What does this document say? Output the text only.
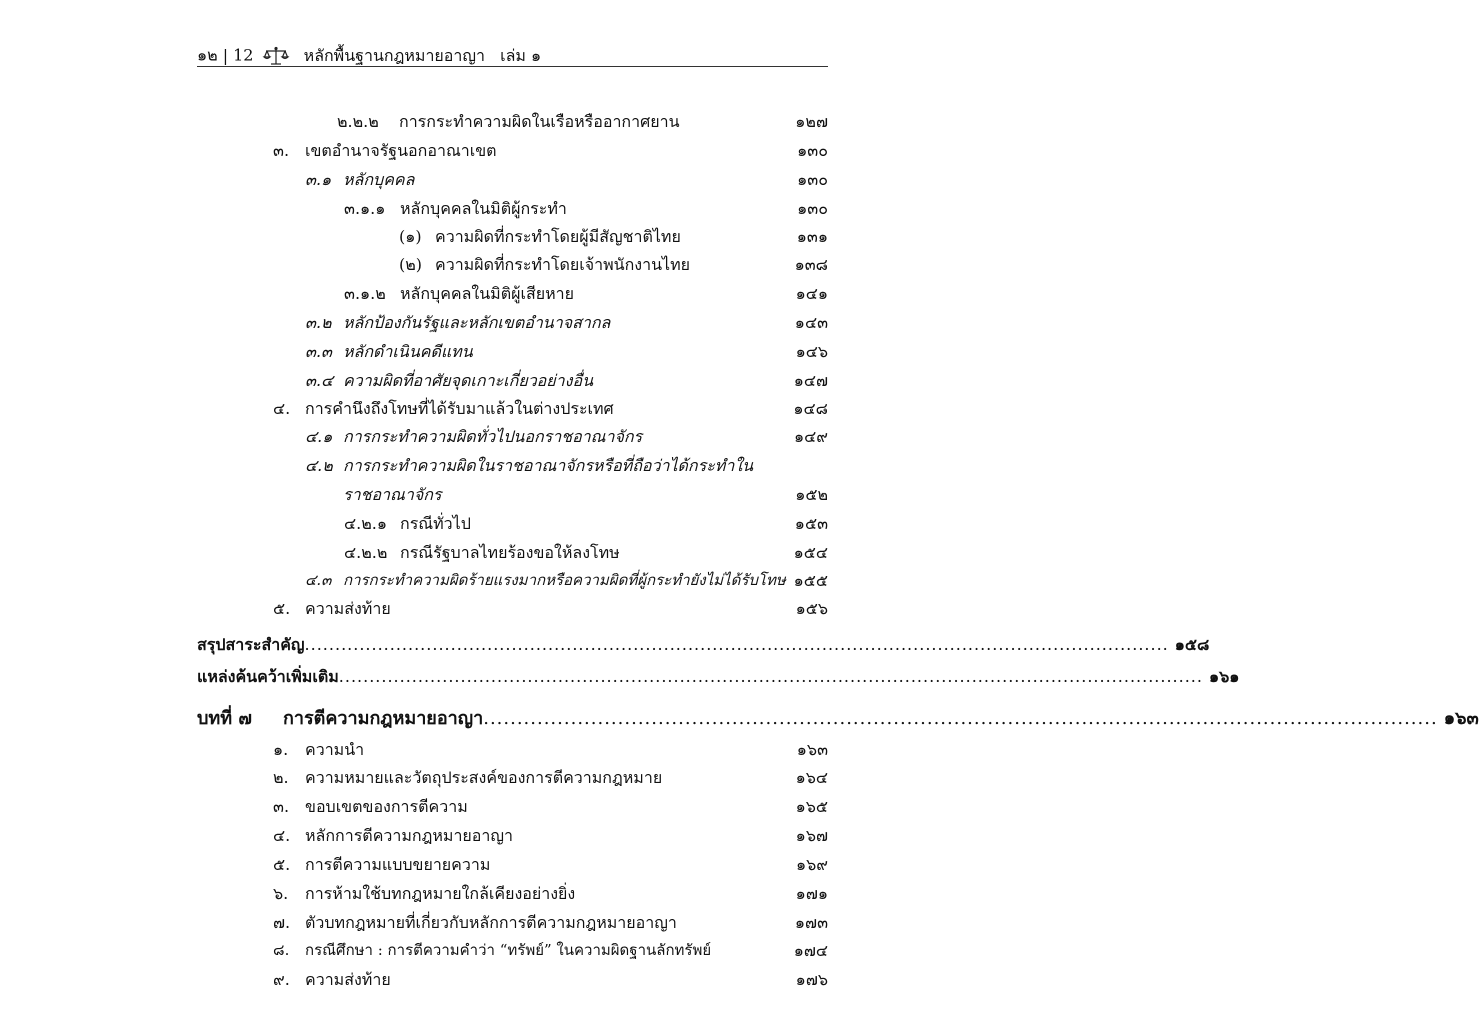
๑๒ | 12	หลักพื้นฐานกฎหมายอาญา เล่ม ๑
๒.๒.๒ การกระทำความผิดในเรือหรืออากาศยาน	๑๒๗
๓. เขตอำนาจรัฐนอกอาณาเขต	๑๓๐
๓.๑ หลักบุคคล	๑๓๐
๓.๑.๑ หลักบุคคลในมิติผู้กระทำ	๑๓๐
(๑) ความผิดที่กระทำโดยผู้มีสัญชาติไทย	๑๓๑
(๒) ความผิดที่กระทำโดยเจ้าพนักงานไทย	๑๓๘
๓.๑.๒ หลักบุคคลในมิติผู้เสียหาย	๑๔๑
๓.๒ หลักป้องกันรัฐและหลักเขตอำนาจสากล	๑๔๓
๓.๓ หลักดำเนินคดีแทน	๑๔๖
๓.๔ ความผิดที่อาศัยจุดเกาะเกี่ยวอย่างอื่น	๑๔๗
๔. การคำนึงถึงโทษที่ได้รับมาแล้วในต่างประเทศ	๑๔๘
๔.๑ การกระทำความผิดทั่วไปนอกราชอาณาจักร	๑๔๙
๔.๒ การกระทำความผิดในราชอาณาจักรหรือที่ถือว่าได้กระทำใน
ราชอาณาจักร	๑๕๒
๔.๒.๑ กรณีทั่วไป	๑๕๓
๔.๒.๒ กรณีรัฐบาลไทยร้องขอให้ลงโทษ	๑๕๔
๔.๓ การกระทำความผิดร้ายแรงมากหรือความผิดที่ผู้กระทำยังไม่ได้รับโทษ ๑๕๕
๕. ความส่งท้าย	๑๕๖
สรุปสาระสำคัญ .............................................................................................................................................. ๑๕๘
แหล่งค้นคว้าเพิ่มเติม .............................................................................................................................................. ๑๖๑
บทที่ ๗	การตีความกฎหมายอาญา .............................................................................................................................................. ๑๖๓
๑. ความนำ	๑๖๓
๒. ความหมายและวัตถุประสงค์ของการตีความกฎหมาย	๑๖๔
๓. ขอบเขตของการตีความ	๑๖๕
๔. หลักการตีความกฎหมายอาญา	๑๖๗
๕. การตีความแบบขยายความ	๑๖๙
๖. การห้ามใช้บทกฎหมายใกล้เคียงอย่างยิ่ง	๑๗๑
๗. ตัวบทกฎหมายที่เกี่ยวกับหลักการตีความกฎหมายอาญา	๑๗๓
๘. กรณีศึกษา : การตีความคำว่า “ทรัพย์” ในความผิดฐานลักทรัพย์	๑๗๔
๙. ความส่งท้าย	๑๗๖
